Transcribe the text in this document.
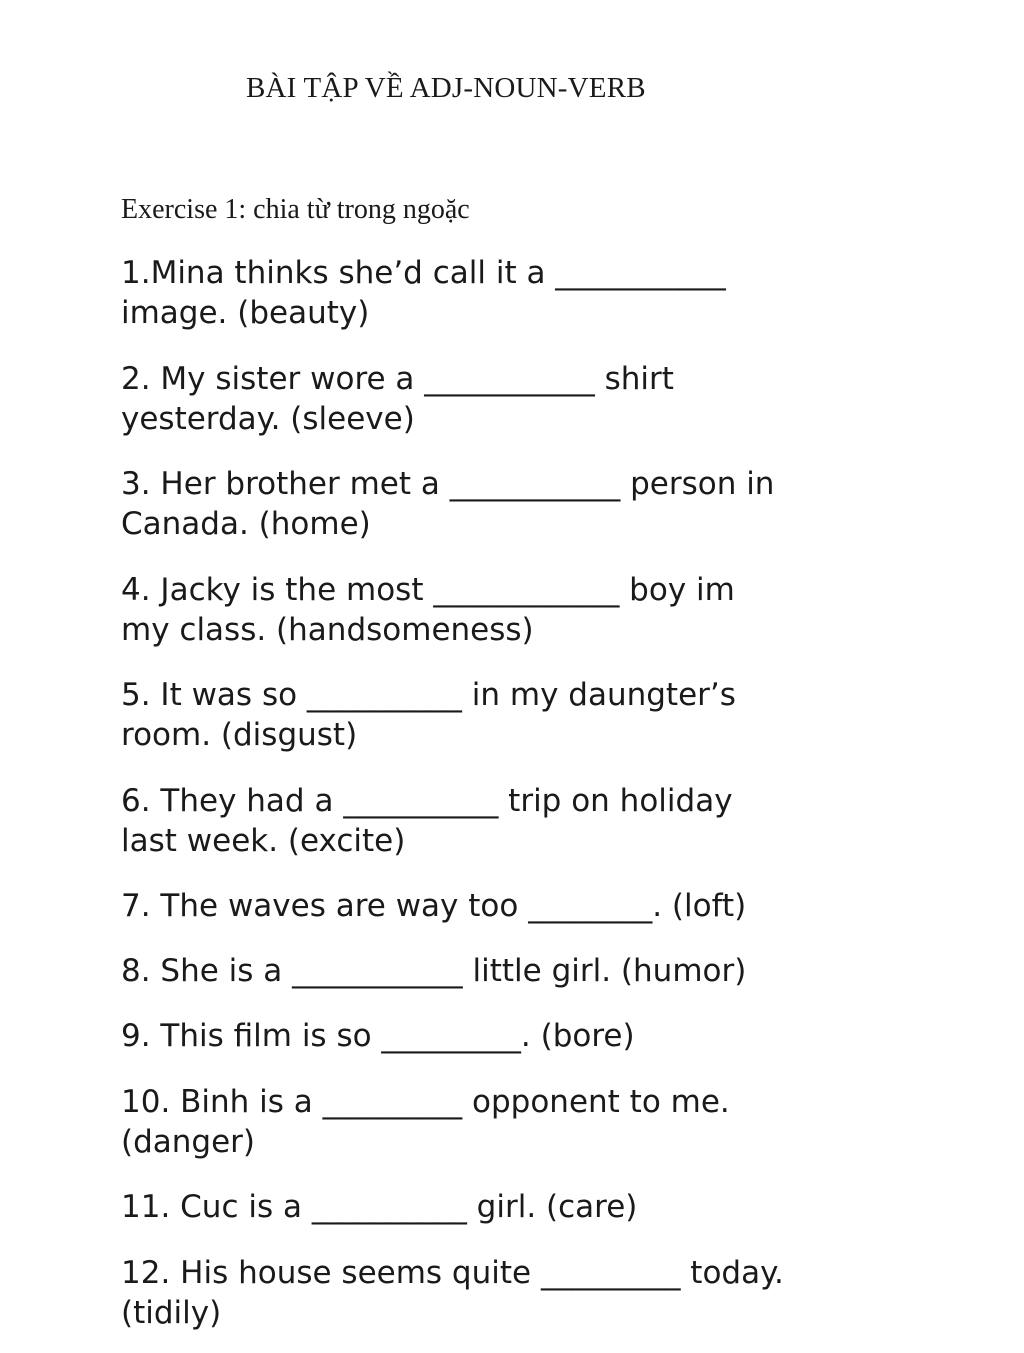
BÀI TẬP VỀ ADJ-NOUN-VERB

Exercise 1: chia từ trong ngoặc

1.Mina thinks she’d call it a ___________
image. (beauty)

2. My sister wore a ___________ shirt
yesterday. (sleeve)

3. Her brother met a ___________ person in
Canada. (home)

4. Jacky is the most ____________ boy im
my class. (handsomeness)

5. It was so __________ in my daungter’s
room. (disgust)

6. They had a __________ trip on holiday
last week. (excite)

7. The waves are way too ________. (loft)

8. She is a ___________ little girl. (humor)

9. This film is so _________. (bore)

10. Binh is a _________ opponent to me.
(danger)

11. Cuc is a __________ girl. (care)

12. His house seems quite _________ today.
(tidily)
